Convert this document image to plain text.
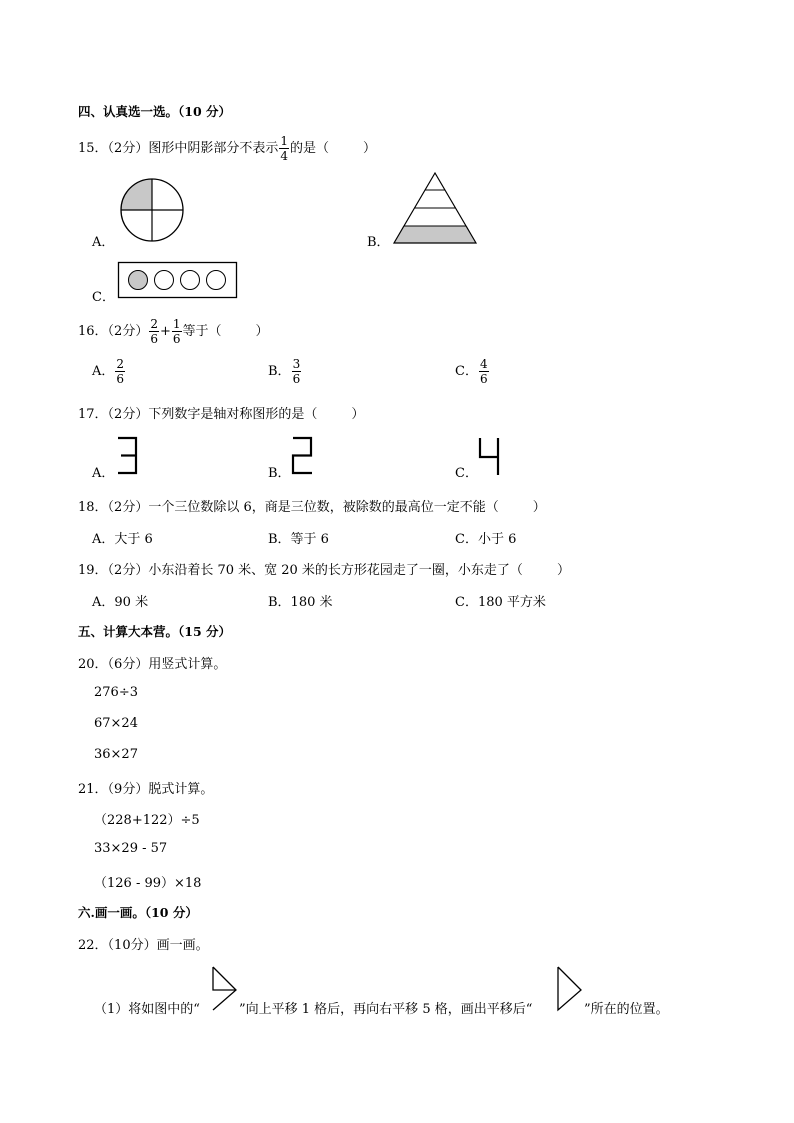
四、认真选一选。（10 分）
15．（2分）图形中阴影部分不表示 $\frac{1}{4}$ 的是（	）
A．	B．
C．
16．（2分） $\frac{2}{6} + \frac{1}{6}$ 等于（	）
A． $\frac{2}{6}$	B． $\frac{3}{6}$	C． $\frac{4}{6}$
17．（2分）下列数字是轴对称图形的是（	）
A．	B．	C．
18．（2分）一个三位数除以 6，商是三位数，被除数的最高位一定不能（	）
A．大于 6	B．等于 6	C．小于 6
19．（2分）小东沿着长 70 米、宽 20 米的长方形花园走了一圈，小东走了（	）
A．90 米	B．180 米	C．180 平方米
五、计算大本营。（15 分）
20．（6分）用竖式计算。
276÷3
67×24
36×27
21．（9分）脱式计算。
（228+122）÷5
33×29 - 57
（126 - 99）×18
六.画一画。（10 分）
22．（10分）画一画。
（1）将如图中的“	”向上平移 1 格后，再向右平移 5 格，画出平移后“	”所在的位置。
